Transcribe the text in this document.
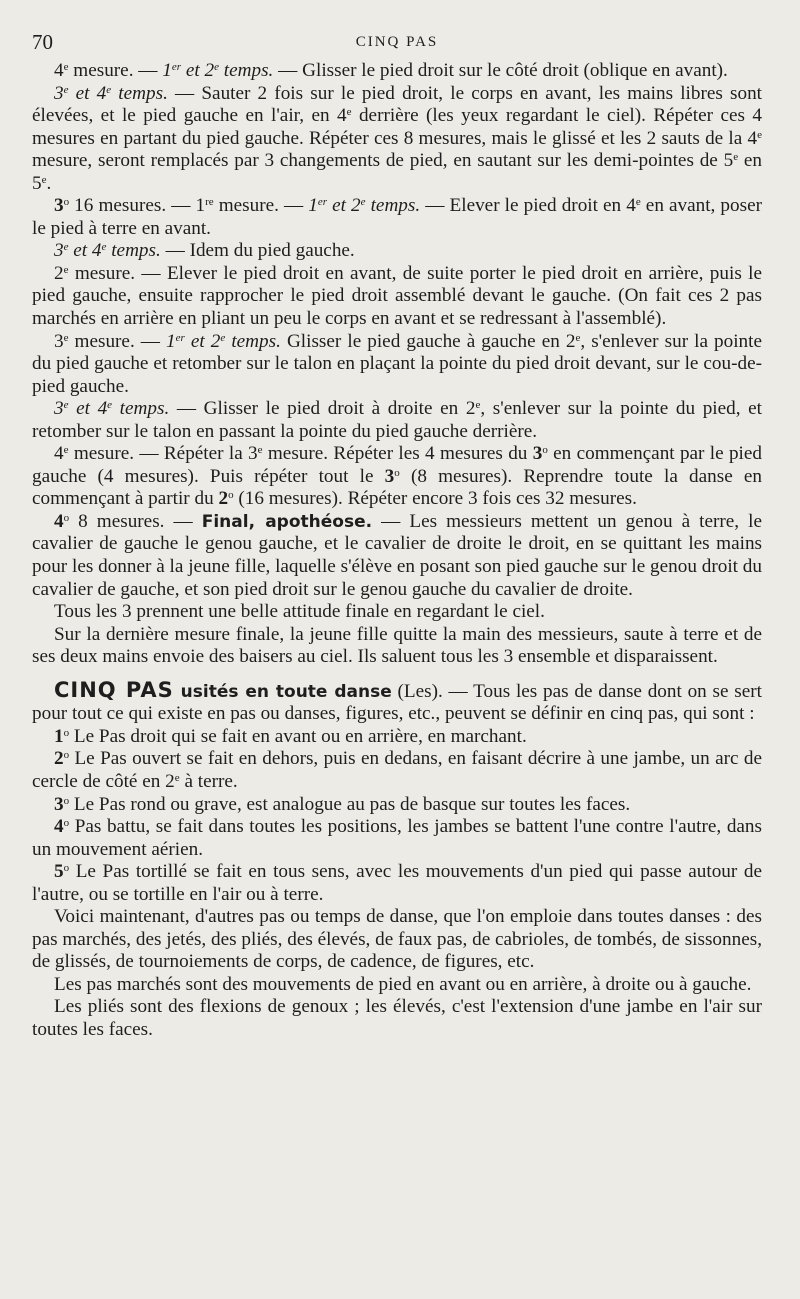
70	CINQ PAS

4e mesure. — 1er et 2e temps. — Glisser le pied droit sur le côté droit (oblique en avant).

3e et 4e temps. — Sauter 2 fois sur le pied droit, le corps en avant, les mains libres sont élevées, et le pied gauche en l'air, en 4e derrière (les yeux regardant le ciel). Répéter ces 4 mesures en partant du pied gauche. Répéter ces 8 mesures, mais le glissé et les 2 sauts de la 4e mesure, seront remplacés par 3 changements de pied, en sautant sur les demi-pointes de 5e en 5e.

3$^o$ 16 mesures. — 1re mesure. — 1er et 2e temps. — Elever le pied droit en 4e en avant, poser le pied à terre en avant.

3e et 4e temps. — Idem du pied gauche.

2e mesure. — Elever le pied droit en avant, de suite porter le pied droit en arrière, puis le pied gauche, ensuite rapprocher le pied droit assemblé devant le gauche. (On fait ces 2 pas marchés en arrière en pliant un peu le corps en avant et se redressant à l'assemblé).

3e mesure. — 1er et 2e temps. Glisser le pied gauche à gauche en 2e, s'enlever sur la pointe du pied gauche et retomber sur le talon en plaçant la pointe du pied droit devant, sur le cou-de-pied gauche.

3e et 4e temps. — Glisser le pied droit à droite en 2e, s'enlever sur la pointe du pied, et retomber sur le talon en passant la pointe du pied gauche derrière.

4e mesure. — Répéter la 3e mesure. Répéter les 4 mesures du 3$^o$ en commençant par le pied gauche (4 mesures). Puis répéter tout le 3$^o$ (8 mesures). Reprendre toute la danse en commençant à partir du 2$^o$ (16 mesures). Répéter encore 3 fois ces 32 mesures.

4$^o$ 8 mesures. — Final, apothéose. — Les messieurs mettent un genou à terre, le cavalier de gauche le genou gauche, et le cavalier de droite le droit, en se quittant les mains pour les donner à la jeune fille, laquelle s'élève en posant son pied gauche sur le genou droit du cavalier de gauche, et son pied droit sur le genou gauche du cavalier de droite.

Tous les 3 prennent une belle attitude finale en regardant le ciel.

Sur la dernière mesure finale, la jeune fille quitte la main des messieurs, saute à terre et de ses deux mains envoie des baisers au ciel. Ils saluent tous les 3 ensemble et disparaissent.

CINQ PAS usités en toute danse (Les). — Tous les pas de danse dont on se sert pour tout ce qui existe en pas ou danses, figures, etc., peuvent se définir en cinq pas, qui sont :

1$^o$ Le Pas droit qui se fait en avant ou en arrière, en marchant.

2$^o$ Le Pas ouvert se fait en dehors, puis en dedans, en faisant décrire à une jambe, un arc de cercle de côté en 2e à terre.

3$^o$ Le Pas rond ou grave, est analogue au pas de basque sur toutes les faces.

4$^o$ Pas battu, se fait dans toutes les positions, les jambes se battent l'une contre l'autre, dans un mouvement aérien.

5$^o$ Le Pas tortillé se fait en tous sens, avec les mouvements d'un pied qui passe autour de l'autre, ou se tortille en l'air ou à terre.

Voici maintenant, d'autres pas ou temps de danse, que l'on emploie dans toutes danses : des pas marchés, des jetés, des pliés, des élevés, de faux pas, de cabrioles, de tombés, de sissonnes, de glissés, de tournoiements de corps, de cadence, de figures, etc.

Les pas marchés sont des mouvements de pied en avant ou en arrière, à droite ou à gauche.

Les pliés sont des flexions de genoux ; les élevés, c'est l'extension d'une jambe en l'air sur toutes les faces.
